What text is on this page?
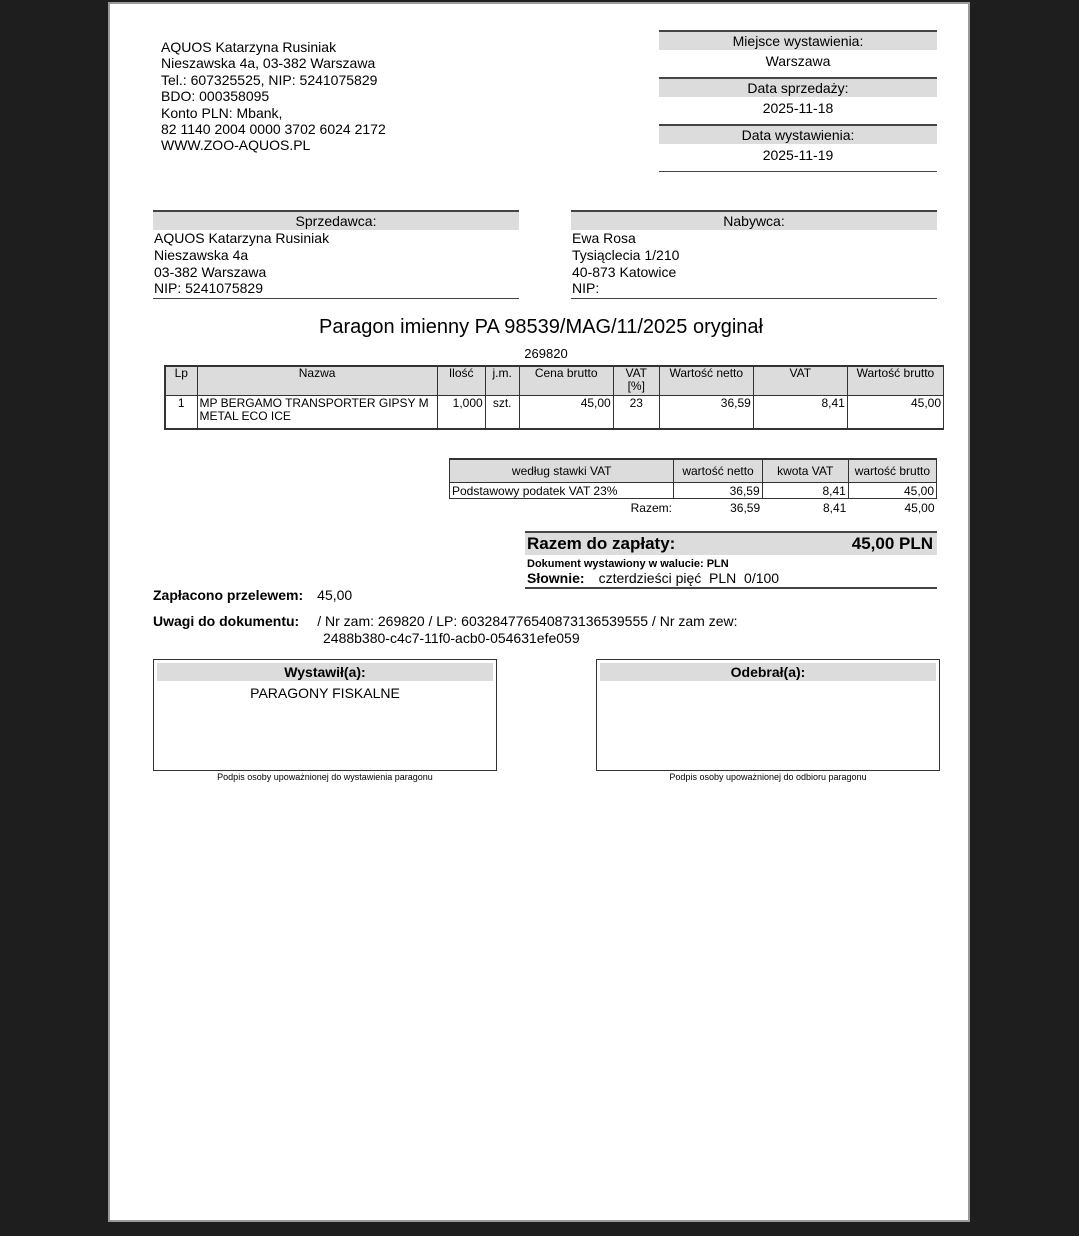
AQUOS Katarzyna Rusiniak
Nieszawska 4a, 03-382 Warszawa
Tel.: 607325525, NIP: 5241075829
BDO: 000358095
Konto PLN: Mbank,
82 1140 2004 0000 3702 6024 2172
WWW.ZOO-AQUOS.PL
Miejsce wystawienia:
Warszawa
Data sprzedaży:
2025-11-18
Data wystawienia:
2025-11-19
Sprzedawca:
AQUOS Katarzyna Rusiniak
Nieszawska 4a
03-382 Warszawa
NIP: 5241075829
Nabywca:
Ewa Rosa
Tysiąclecia 1/210
40-873 Katowice
NIP:
Paragon imienny PA 98539/MAG/11/2025 oryginał
269820
Lp	Nazwa	Ilość	j.m.	Cena brutto	VAT [%]	Wartość netto	VAT	Wartość brutto
1	MP BERGAMO TRANSPORTER GIPSY M METAL ECO ICE	1,000	szt.	45,00	23	36,59	8,41	45,00
według stawki VAT	wartość netto	kwota VAT	wartość brutto
Podstawowy podatek VAT 23%	36,59	8,41	45,00
Razem:	36,59	8,41	45,00
Razem do zapłaty:	45,00 PLN
Dokument wystawiony w walucie: PLN
Słownie: czterdzieści pięć  PLN  0/100
Zapłacono przelewem: 45,00
Uwagi do dokumentu: / Nr zam: 269820 / LP: 6032847765408731365395​55 / Nr zam zew:
2488b380-c4c7-11f0-acb0-054631efe059
Wystawił(a):
PARAGONY FISKALNE
Podpis osoby upoważnionej do wystawienia paragonu
Odebrał(a):
Podpis osoby upoważnionej do odbioru paragonu
